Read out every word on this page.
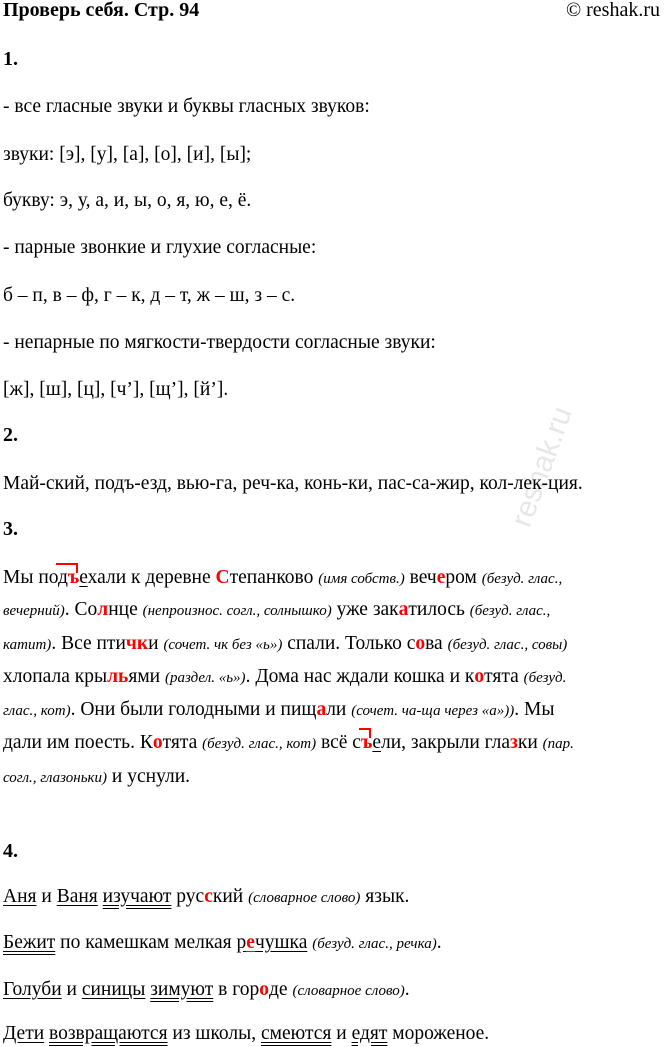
reshak.ru
Проверь себя. Стр. 94	© reshak.ru
1.
- все гласные звуки и буквы гласных звуков:
звуки: [э], [у], [а], [о], [и], [ы];
букву: э, у, а, и, ы, о, я, ю, е, ё.
- парные звонкие и глухие согласные:
б – п, в – ф, г – к, д – т, ж – ш, з – с.
- непарные по мягкости-твердости согласные звуки:
[ж], [ш], [ц], [ч’], [щ’], [й’].
2.
Май-ский, подъ-езд, вью-га, реч-ка, конь-ки, пас-са-жир, кол-лек-ция.
3.
Мы под
ъехали к деревне Степанково (имя собств.) вечером (безуд. глас.,
вечерний). Солнце (непроизнос. согл., солнышко) уже закатилось (безуд. глас.,
катит). Все птички (сочет. чк без «ь») спали. Только сова (безуд. глас., совы)
хлопала крыльями (раздел. «ь»). Дома нас ждали кошка и котята (безуд.
глас., кот). Они были голодными и пищали (сочет. ча-ща через «а»)). Мы
дали им поесть. Котята (безуд. глас., кот) всё с
ъели, закрыли глазки (пар.
согл., глазоньки) и уснули.
4.
Аня и Ваня изучают русский (словарное слово) язык.
Бежит по камешкам мелкая речушка (безуд. глас., речка).
Голуби и синицы зимуют в городе (словарное слово).
Дети возвращаются из школы, смеются и едят мороженое.
